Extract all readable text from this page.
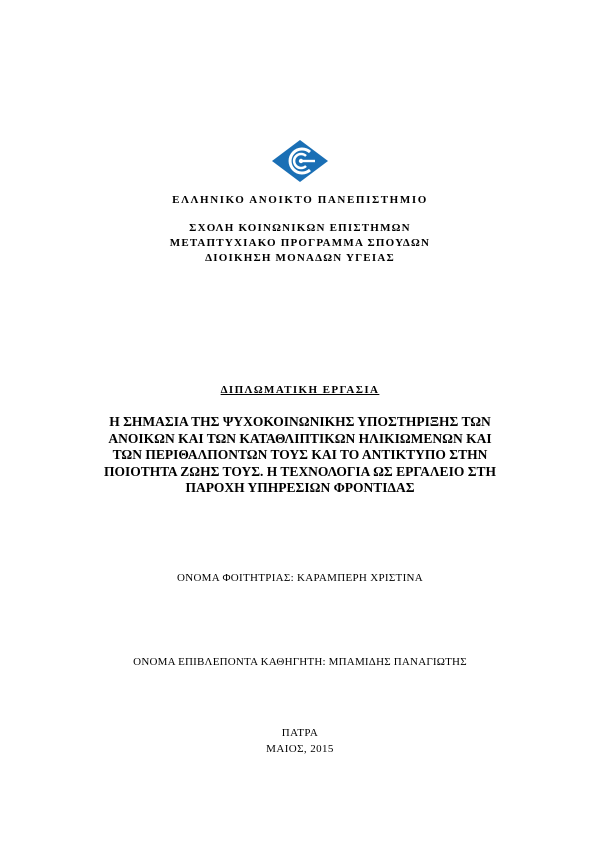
ΕΛΛΗΝΙΚΟ ΑΝΟΙΚΤΟ ΠΑΝΕΠΙΣΤΗΜΙΟ
ΣΧΟΛΗ ΚΟΙΝΩΝΙΚΩΝ ΕΠΙΣΤΗΜΩΝ
ΜΕΤΑΠΤΥΧΙΑΚΟ ΠΡΟΓΡΑΜΜΑ ΣΠΟΥΔΩΝ
ΔΙΟΙΚΗΣΗ ΜΟΝΑΔΩΝ ΥΓΕΙΑΣ
ΔΙΠΛΩΜΑΤΙΚΗ ΕΡΓΑΣΙΑ
Η ΣΗΜΑΣΙΑ ΤΗΣ ΨΥΧΟΚΟΙΝΩΝΙΚΗΣ ΥΠΟΣΤΗΡΙΞΗΣ ΤΩΝ
ΑΝΟΙΚΩΝ ΚΑΙ ΤΩΝ ΚΑΤΑΘΛΙΠΤΙΚΩΝ ΗΛΙΚΙΩΜΕΝΩΝ ΚΑΙ
ΤΩΝ ΠΕΡΙΘΑΛΠΟΝΤΩΝ ΤΟΥΣ ΚΑΙ ΤΟ ΑΝΤΙΚΤΥΠΟ ΣΤΗΝ
ΠΟΙΟΤΗΤΑ ΖΩΗΣ ΤΟΥΣ. Η ΤΕΧΝΟΛΟΓΙΑ ΩΣ ΕΡΓΑΛΕΙΟ ΣΤΗ
ΠΑΡΟΧΗ ΥΠΗΡΕΣΙΩΝ ΦΡΟΝΤΙΔΑΣ
ΟΝΟΜΑ ΦΟΙΤΗΤΡΙΑΣ: ΚΑΡΑΜΠΕΡΗ ΧΡΙΣΤΙΝΑ
ΟΝΟΜΑ ΕΠΙΒΛΕΠΟΝΤΑ ΚΑΘΗΓΗΤΗ: ΜΠΑΜΙΔΗΣ ΠΑΝΑΓΙΩΤΗΣ
ΠΑΤΡΑ
ΜΑΙΟΣ, 2015
